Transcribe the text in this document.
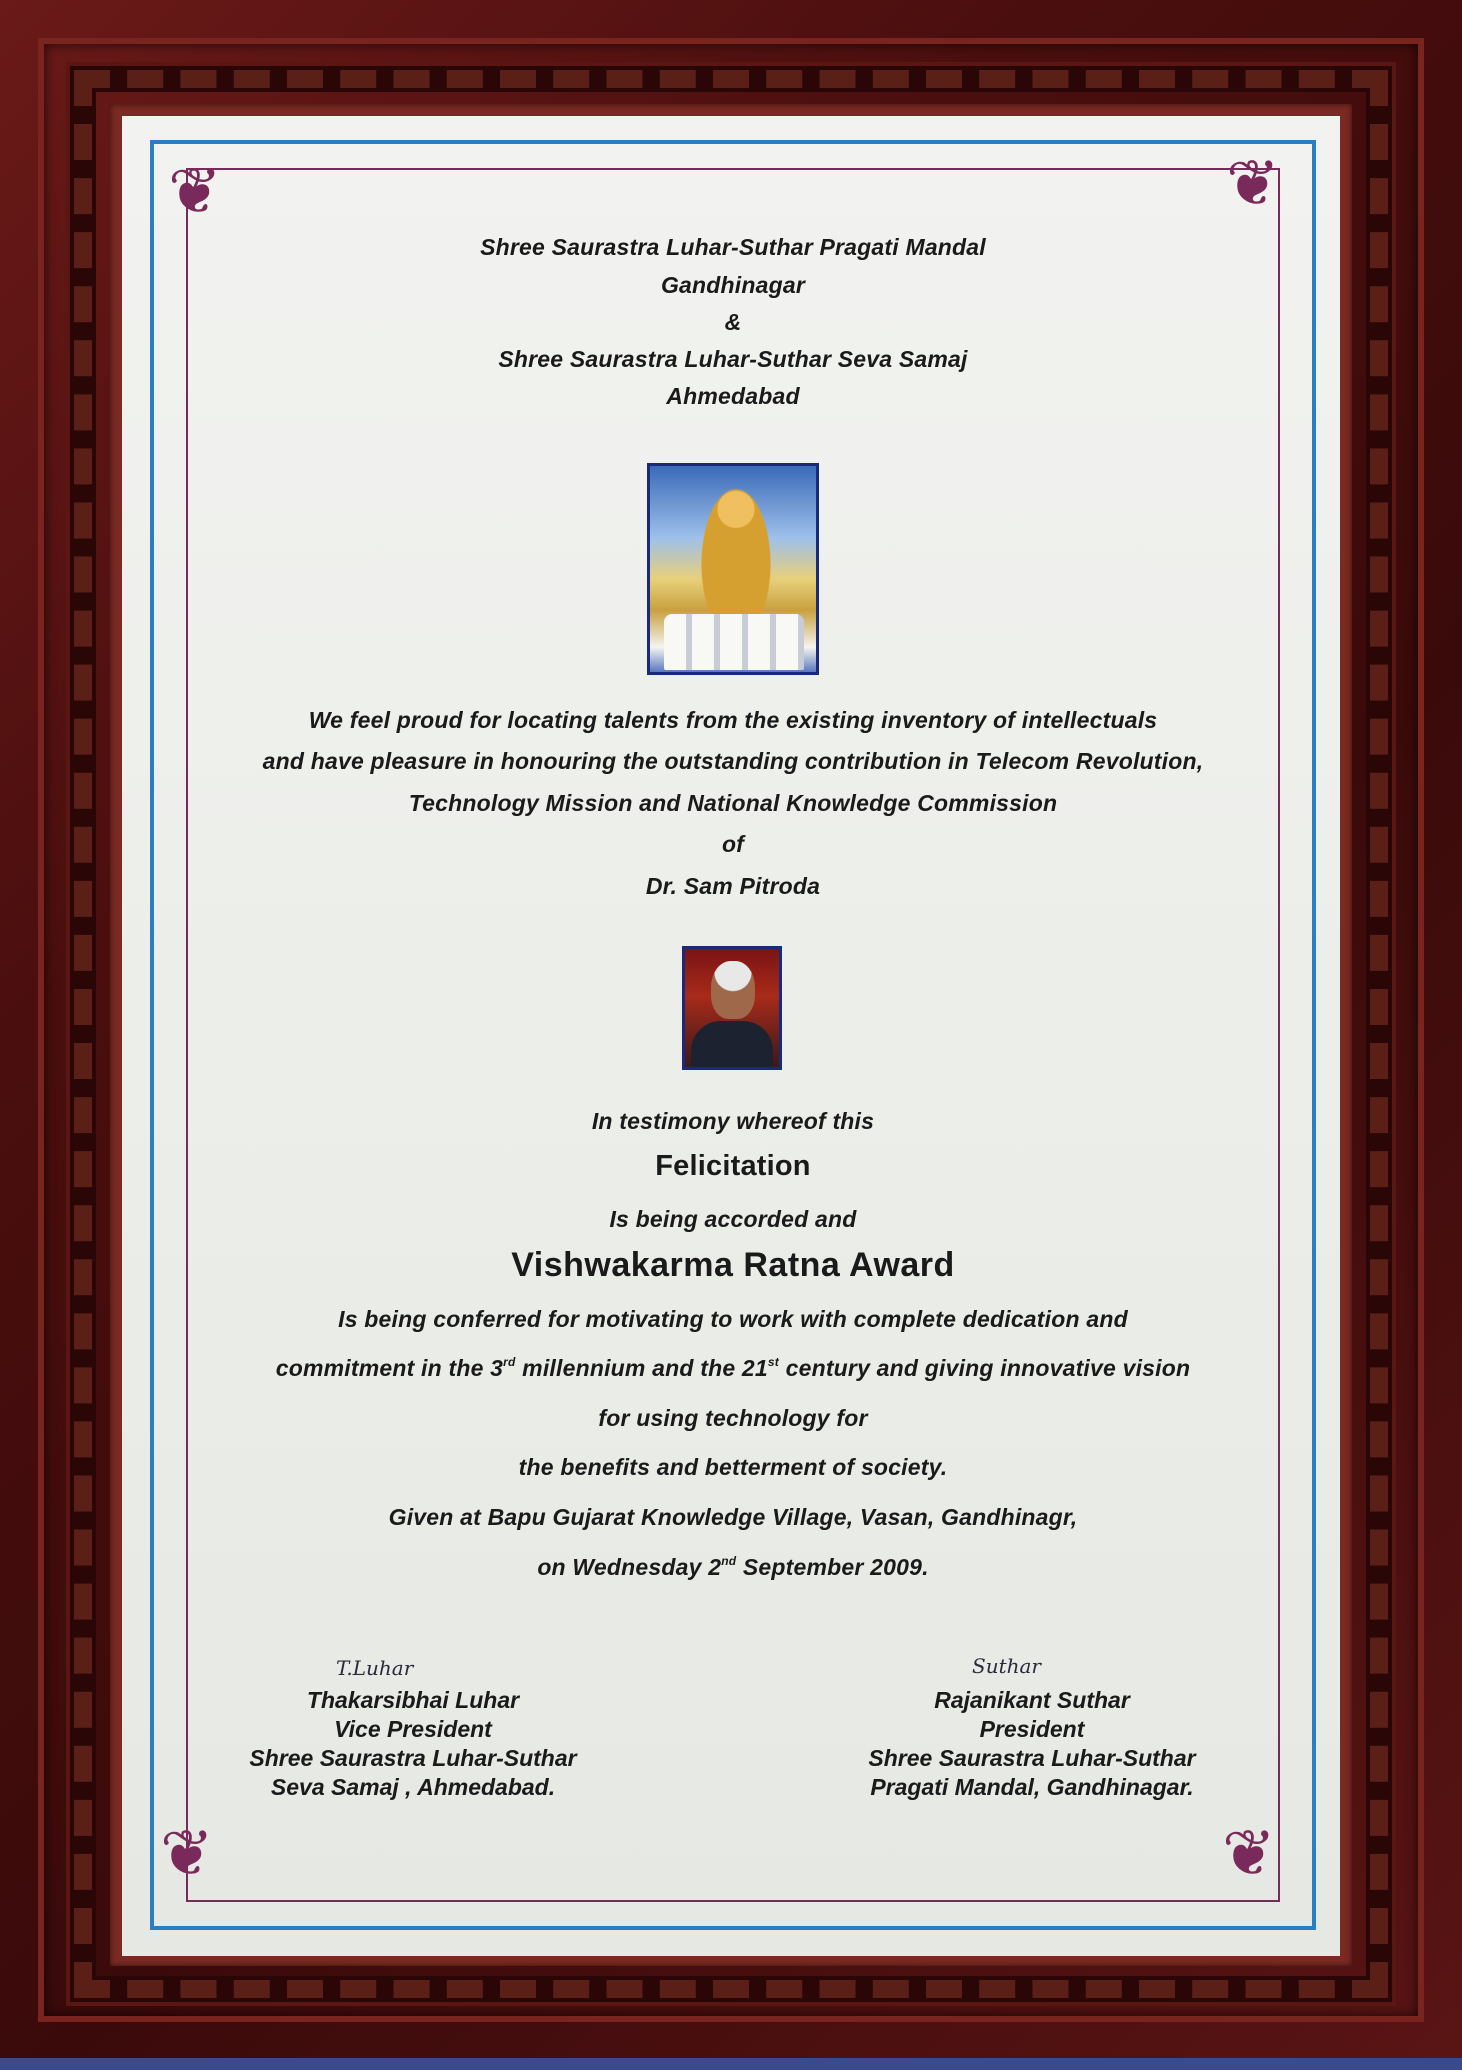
❦	❦
❦	❦
Shree Saurastra Luhar-Suthar Pragati Mandal
Gandhinagar
&
Shree Saurastra Luhar-Suthar Seva Samaj
Ahmedabad
We feel proud for locating talents from the existing inventory of intellectuals
and have pleasure in honouring the outstanding contribution in Telecom Revolution,
Technology Mission and National Knowledge Commission
of
Dr. Sam Pitroda
In testimony whereof this
Felicitation
Is being accorded and
Vishwakarma Ratna Award
Is being conferred for motivating to work with complete dedication and
commitment in the 3rd millennium and the 21st century and giving innovative vision
for using technology for
the benefits and betterment of society.
Given at Bapu Gujarat Knowledge Village, Vasan, Gandhinagr,
on Wednesday 2nd September 2009.
T.Luhar
Thakarsibhai Luhar
Vice President
Shree Saurastra Luhar-Suthar
Seva Samaj , Ahmedabad.
Suthar
Rajanikant Suthar
President
Shree Saurastra Luhar-Suthar
Pragati Mandal, Gandhinagar.
